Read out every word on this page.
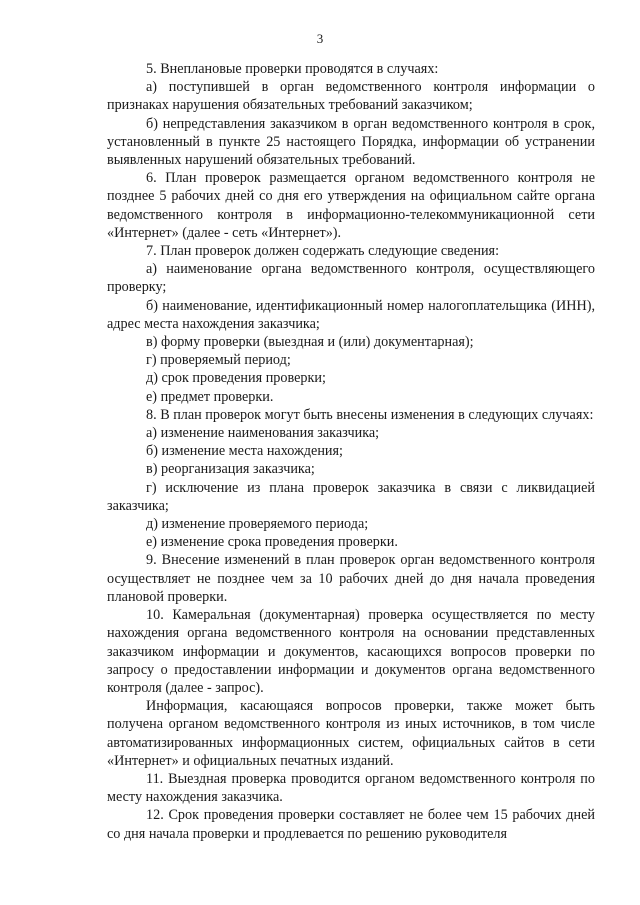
3

5. Внеплановые проверки проводятся в случаях:

а) поступившей в орган ведомственного контроля информации о признаках нарушения обязательных требований заказчиком;

б) непредставления заказчиком в орган ведомственного контроля в срок, установленный в пункте 25 настоящего Порядка, информации об устранении выявленных нарушений обязательных требований.

6. План проверок размещается органом ведомственного контроля не позднее 5 рабочих дней со дня его утверждения на официальном сайте органа ведомственного контроля в информационно-телекоммуникационной сети «Интернет» (далее - сеть «Интернет»).

7. План проверок должен содержать следующие сведения:

а) наименование органа ведомственного контроля, осуществляющего проверку;

б) наименование, идентификационный номер налогоплательщика (ИНН), адрес места нахождения заказчика;

в) форму проверки (выездная и (или) документарная);

г) проверяемый период;

д) срок проведения проверки;

е) предмет проверки.

8. В план проверок могут быть внесены изменения в следующих случаях:

а) изменение наименования заказчика;

б) изменение места нахождения;

в) реорганизация заказчика;

г) исключение из плана проверок заказчика в связи с ликвидацией заказчика;

д) изменение проверяемого периода;

е) изменение срока проведения проверки.

9. Внесение изменений в план проверок орган ведомственного контроля осуществляет не позднее чем за 10 рабочих дней до дня начала проведения плановой проверки.

10. Камеральная (документарная) проверка осуществляется по месту нахождения органа ведомственного контроля на основании представленных заказчиком информации и документов, касающихся вопросов проверки по запросу о предоставлении информации и документов органа ведомственного контроля (далее - запрос).

Информация, касающаяся вопросов проверки, также может быть получена органом ведомственного контроля из иных источников, в том числе автоматизированных информационных систем, официальных сайтов в сети «Интернет» и официальных печатных изданий.

11. Выездная проверка проводится органом ведомственного контроля по месту нахождения заказчика.

12. Срок проведения проверки составляет не более чем 15 рабочих дней со дня начала проверки и продлевается по решению руководителя
